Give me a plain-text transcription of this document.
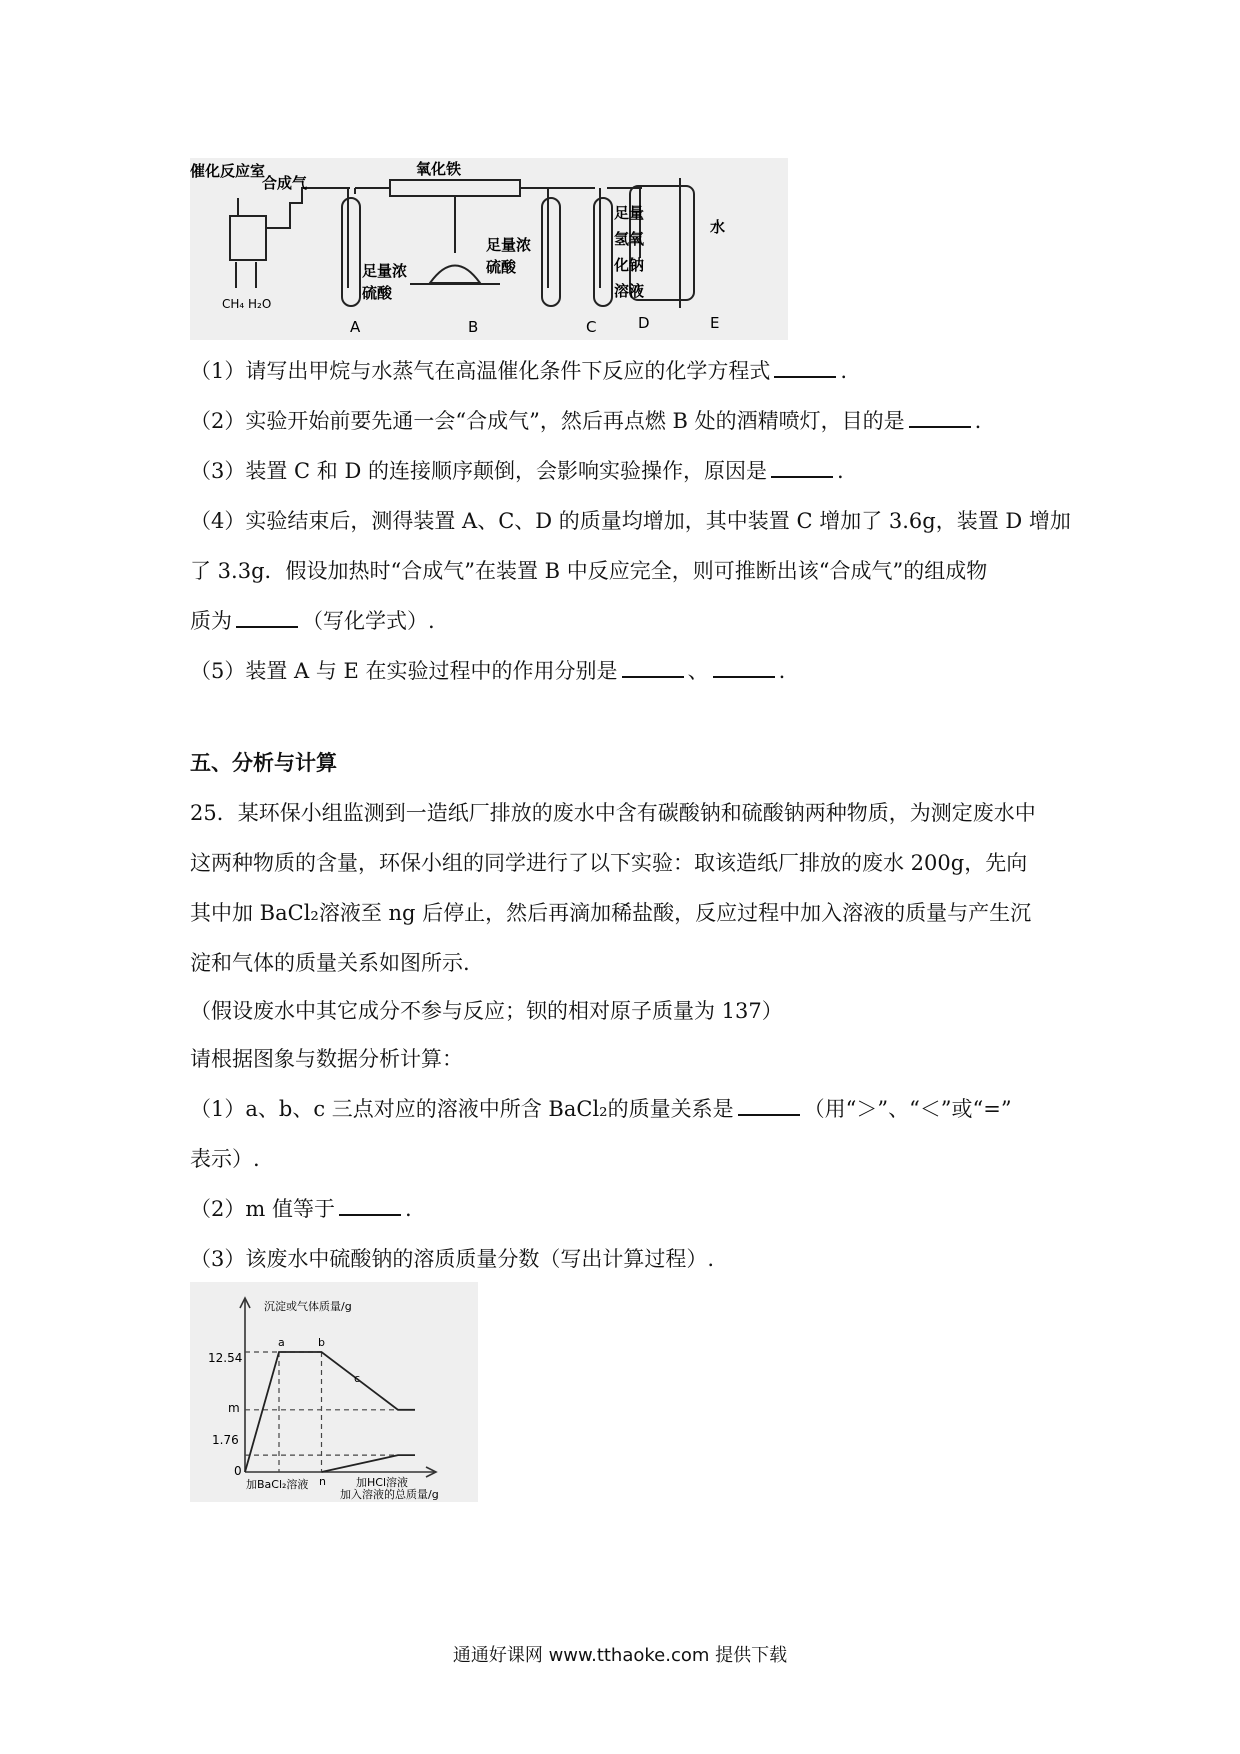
催化反应室
合成气
CH₄ H₂O
氧化铁
足量浓
硫酸
足量浓
硫酸
足量
氢氧
化钠
溶液
水
A	B	C	D	E
（1）请写出甲烷与水蒸气在高温催化条件下反应的化学方程式	.
（2）实验开始前要先通一会“合成气”，然后再点燃 B 处的酒精喷灯，目的是	.
（3）装置 C 和 D 的连接顺序颠倒，会影响实验操作，原因是	.
（4）实验结束后，测得装置 A、C、D 的质量均增加，其中装置 C 增加了 3.6g，装置 D 增加
了 3.3g．假设加热时“合成气”在装置 B 中反应完全，则可推断出该“合成气”的组成物
质为	（写化学式）.
（5）装置 A 与 E 在实验过程中的作用分别是	、	.
五、分析与计算
25．某环保小组监测到一造纸厂排放的废水中含有碳酸钠和硫酸钠两种物质，为测定废水中
这两种物质的含量，环保小组的同学进行了以下实验：取该造纸厂排放的废水 200g，先向
其中加 BaCl₂溶液至 ng 后停止，然后再滴加稀盐酸，反应过程中加入溶液的质量与产生沉
淀和气体的质量关系如图所示.
（假设废水中其它成分不参与反应；钡的相对原子质量为 137）
请根据图象与数据分析计算：
（1）a、b、c 三点对应的溶液中所含 BaCl₂的质量关系是	（用“＞”、“＜”或“=”
表示）.
（2）m 值等于	.
（3）该废水中硫酸钠的溶质质量分数（写出计算过程）.
沉淀或气体质量/g
12.54
m
1.76
0
加BaCl₂溶液 n	加HCl溶液
加入溶液的总质量/g
a	b
c
通通好课网 www.tthaoke.com 提供下载
